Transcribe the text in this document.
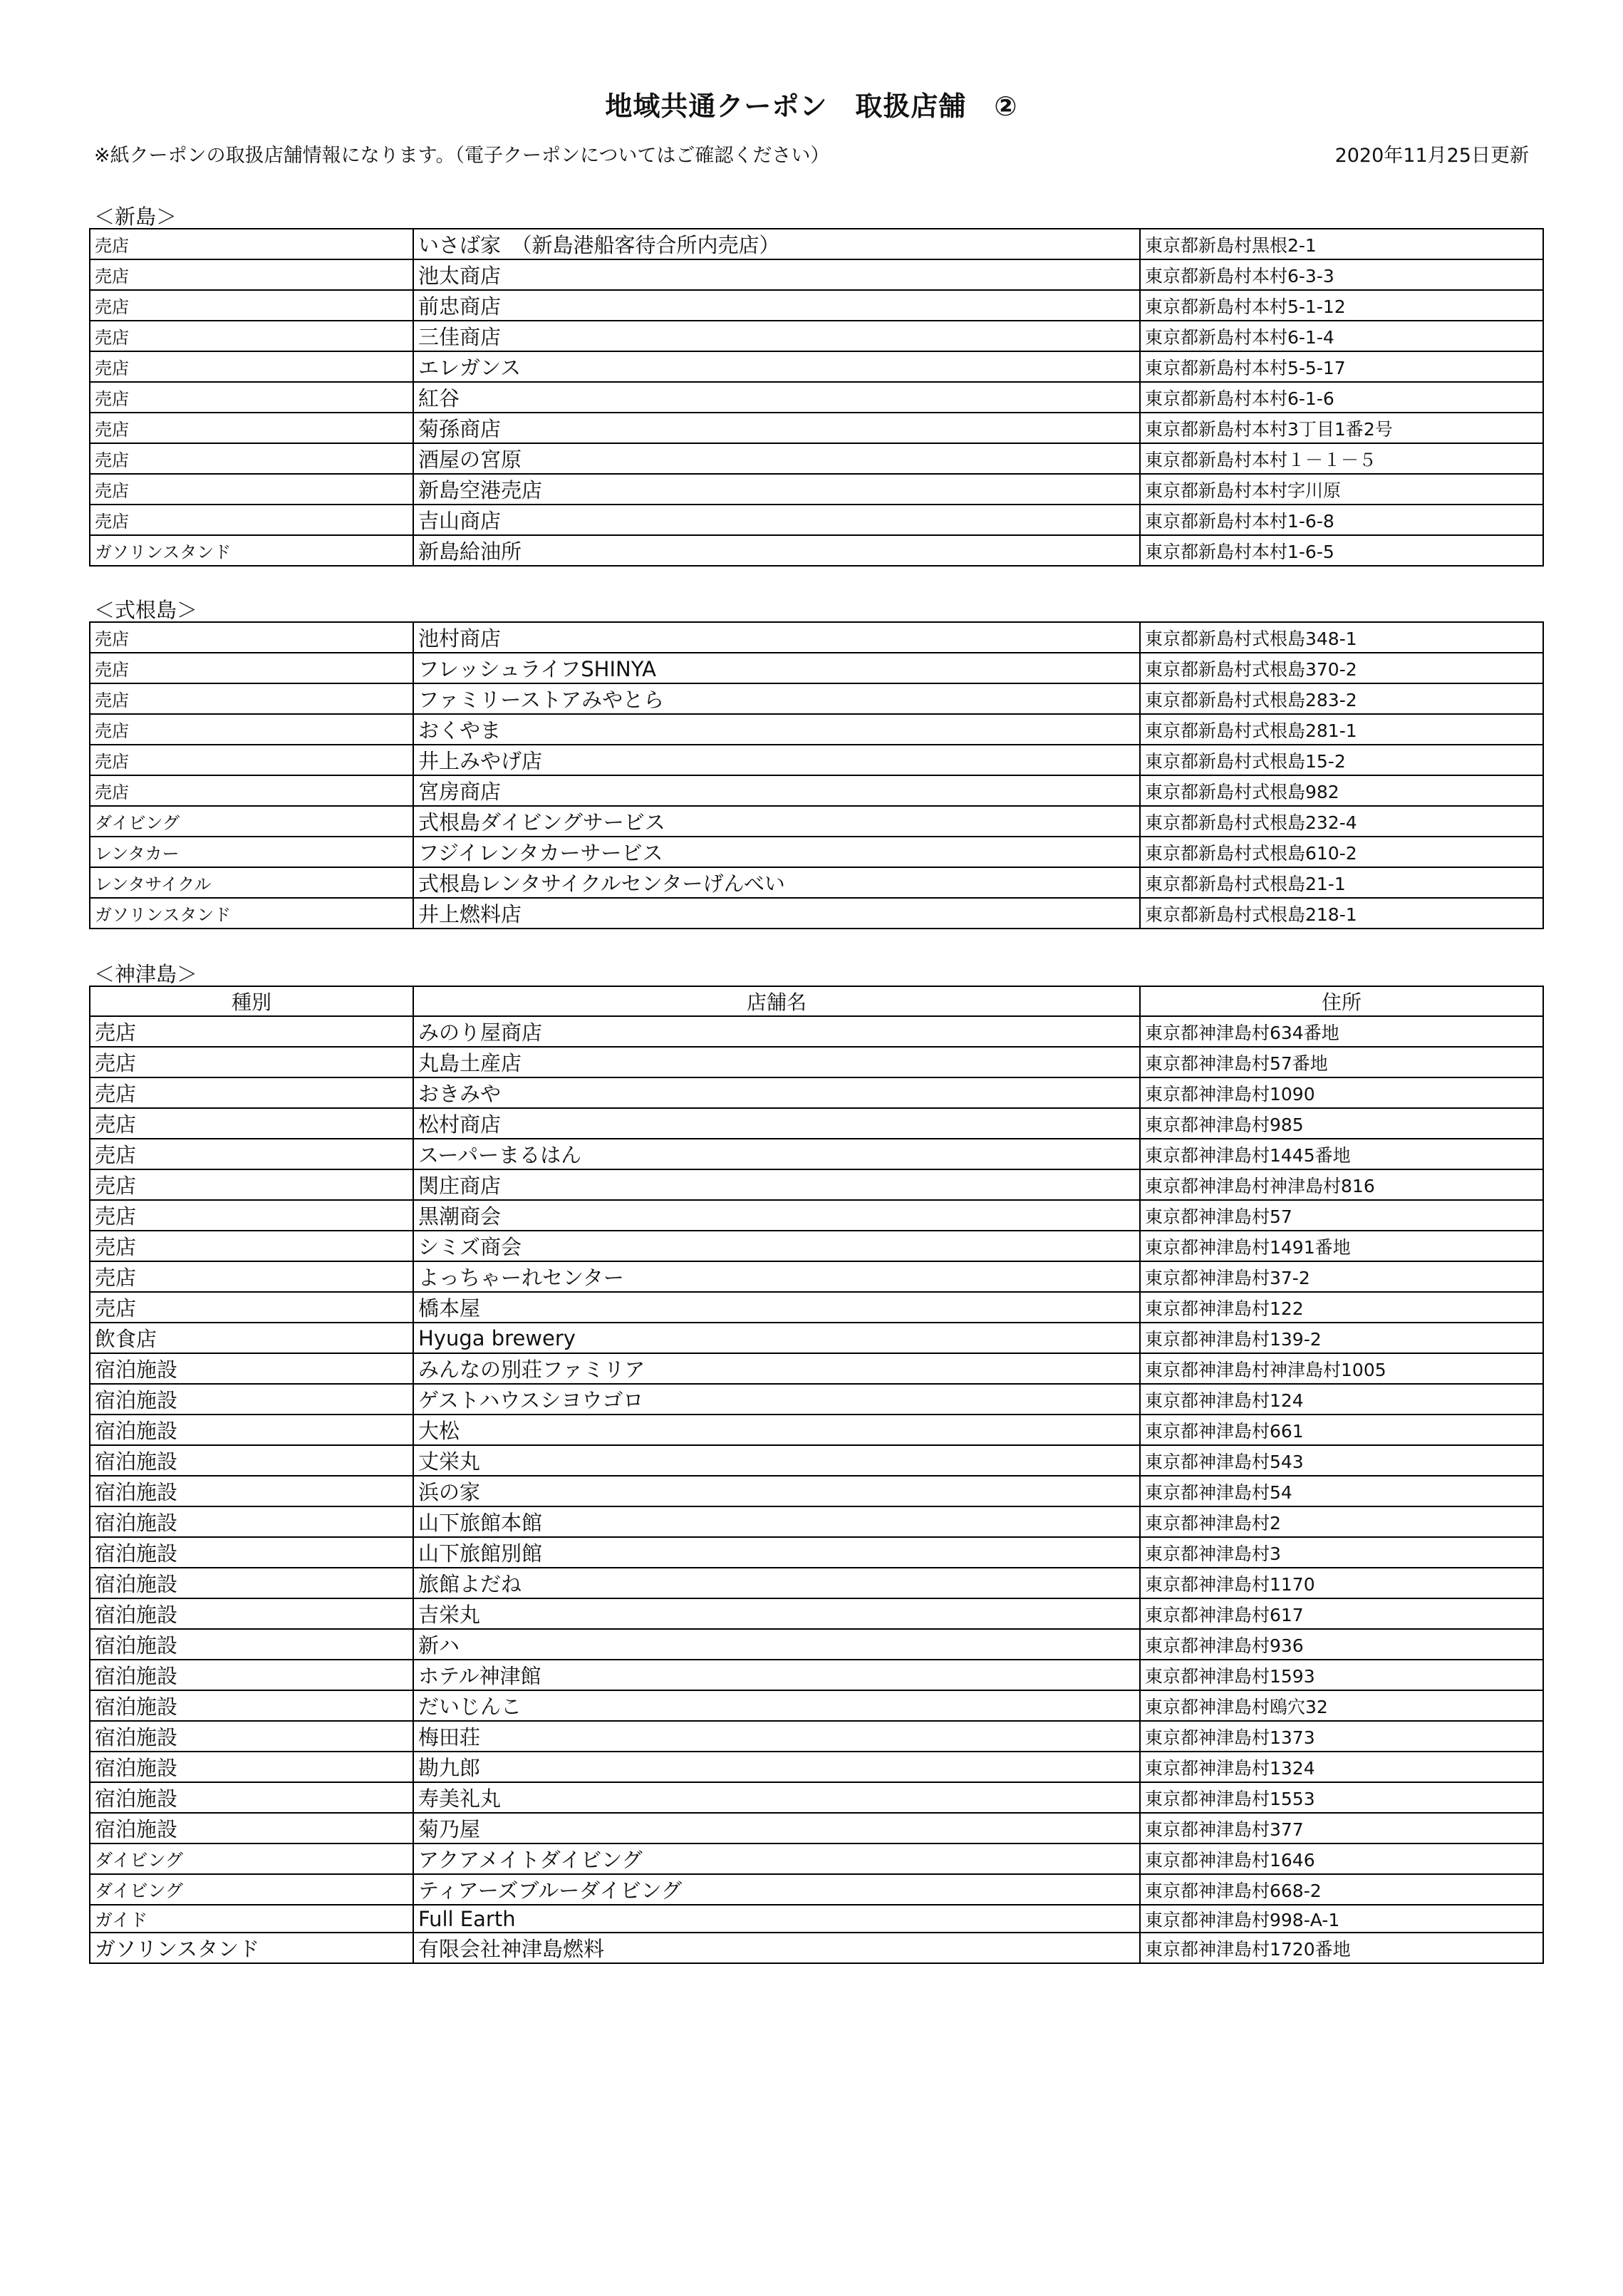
地域共通クーポン　取扱店舗　②
※紙クーポンの取扱店舗情報になります。（電子クーポンについてはご確認ください）	2020年11月25日更新
＜新島＞
売店	いさば家　（新島港船客待合所内売店）	東京都新島村黒根2-1
売店	池太商店	東京都新島村本村6-3-3
売店	前忠商店	東京都新島村本村5-1-12
売店	三佳商店	東京都新島村本村6-1-4
売店	エレガンス	東京都新島村本村5-5-17
売店	紅谷	東京都新島村本村6-1-6
売店	菊孫商店	東京都新島村本村3丁目1番2号
売店	酒屋の宮原	東京都新島村本村１－１－５
売店	新島空港売店	東京都新島村本村字川原
売店	吉山商店	東京都新島村本村1-6-8
ガソリンスタンド	新島給油所	東京都新島村本村1-6-5
＜式根島＞
売店	池村商店	東京都新島村式根島348-1
売店	フレッシュライフSHINYA	東京都新島村式根島370-2
売店	ファミリーストアみやとら	東京都新島村式根島283-2
売店	おくやま	東京都新島村式根島281-1
売店	井上みやげ店	東京都新島村式根島15-2
売店	宮房商店	東京都新島村式根島982
ダイビング	式根島ダイビングサービス	東京都新島村式根島232-4
レンタカー	フジイレンタカーサービス	東京都新島村式根島610-2
レンタサイクル	式根島レンタサイクルセンターげんべい	東京都新島村式根島21-1
ガソリンスタンド	井上燃料店	東京都新島村式根島218-1
＜神津島＞
種別	店舗名	住所
売店	みのり屋商店	東京都神津島村634番地
売店	丸島土産店	東京都神津島村57番地
売店	おきみや	東京都神津島村1090
売店	松村商店	東京都神津島村985
売店	スーパーまるはん	東京都神津島村1445番地
売店	関庄商店	東京都神津島村神津島村816
売店	黒潮商会	東京都神津島村57
売店	シミズ商会	東京都神津島村1491番地
売店	よっちゃーれセンター	東京都神津島村37-2
売店	橋本屋	東京都神津島村122
飲食店	Hyuga brewery	東京都神津島村139-2
宿泊施設	みんなの別荘ファミリア	東京都神津島村神津島村1005
宿泊施設	ゲストハウスシヨウゴロ	東京都神津島村124
宿泊施設	大松	東京都神津島村661
宿泊施設	丈栄丸	東京都神津島村543
宿泊施設	浜の家	東京都神津島村54
宿泊施設	山下旅館本館	東京都神津島村2
宿泊施設	山下旅館別館	東京都神津島村3
宿泊施設	旅館よだね	東京都神津島村1170
宿泊施設	吉栄丸	東京都神津島村617
宿泊施設	新ハ	東京都神津島村936
宿泊施設	ホテル神津館	東京都神津島村1593
宿泊施設	だいじんこ	東京都神津島村鴎穴32
宿泊施設	梅田荘	東京都神津島村1373
宿泊施設	勘九郎	東京都神津島村1324
宿泊施設	寿美礼丸	東京都神津島村1553
宿泊施設	菊乃屋	東京都神津島村377
ダイビング	アクアメイトダイビング	東京都神津島村1646
ダイビング	ティアーズブルーダイビング	東京都神津島村668-2
ガイド	Full Earth	東京都神津島村998-A-1
ガソリンスタンド	有限会社神津島燃料	東京都神津島村1720番地
